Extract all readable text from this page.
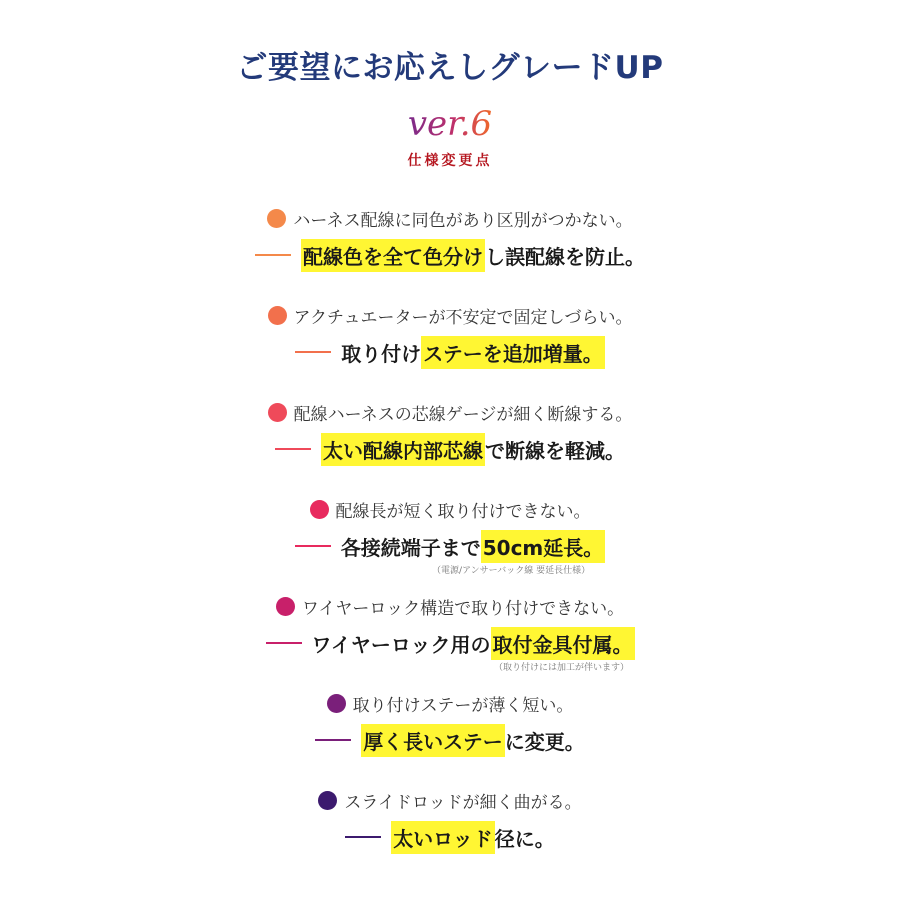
ご要望にお応えしグレードUP
ver.6
仕様変更点
ハーネス配線に同色があり区別がつかない。
配線色を全て色分け し誤配線を防止。
アクチュエーターが不安定で固定しづらい。
取り付け ステーを追加増量。
配線ハーネスの芯線ゲージが細く断線する。
太い配線内部芯線 で断線を軽減。
配線長が短く取り付けできない。
各接続端子まで 50cm延長。
（電源/アンサーバック線 要延長仕様）
ワイヤーロック構造で取り付けできない。
ワイヤーロック用の 取付金具付属。
（取り付けには加工が伴います）
取り付けステーが薄く短い。
厚く長いステー に変更。
スライドロッドが細く曲がる。
太いロッド 径に。
